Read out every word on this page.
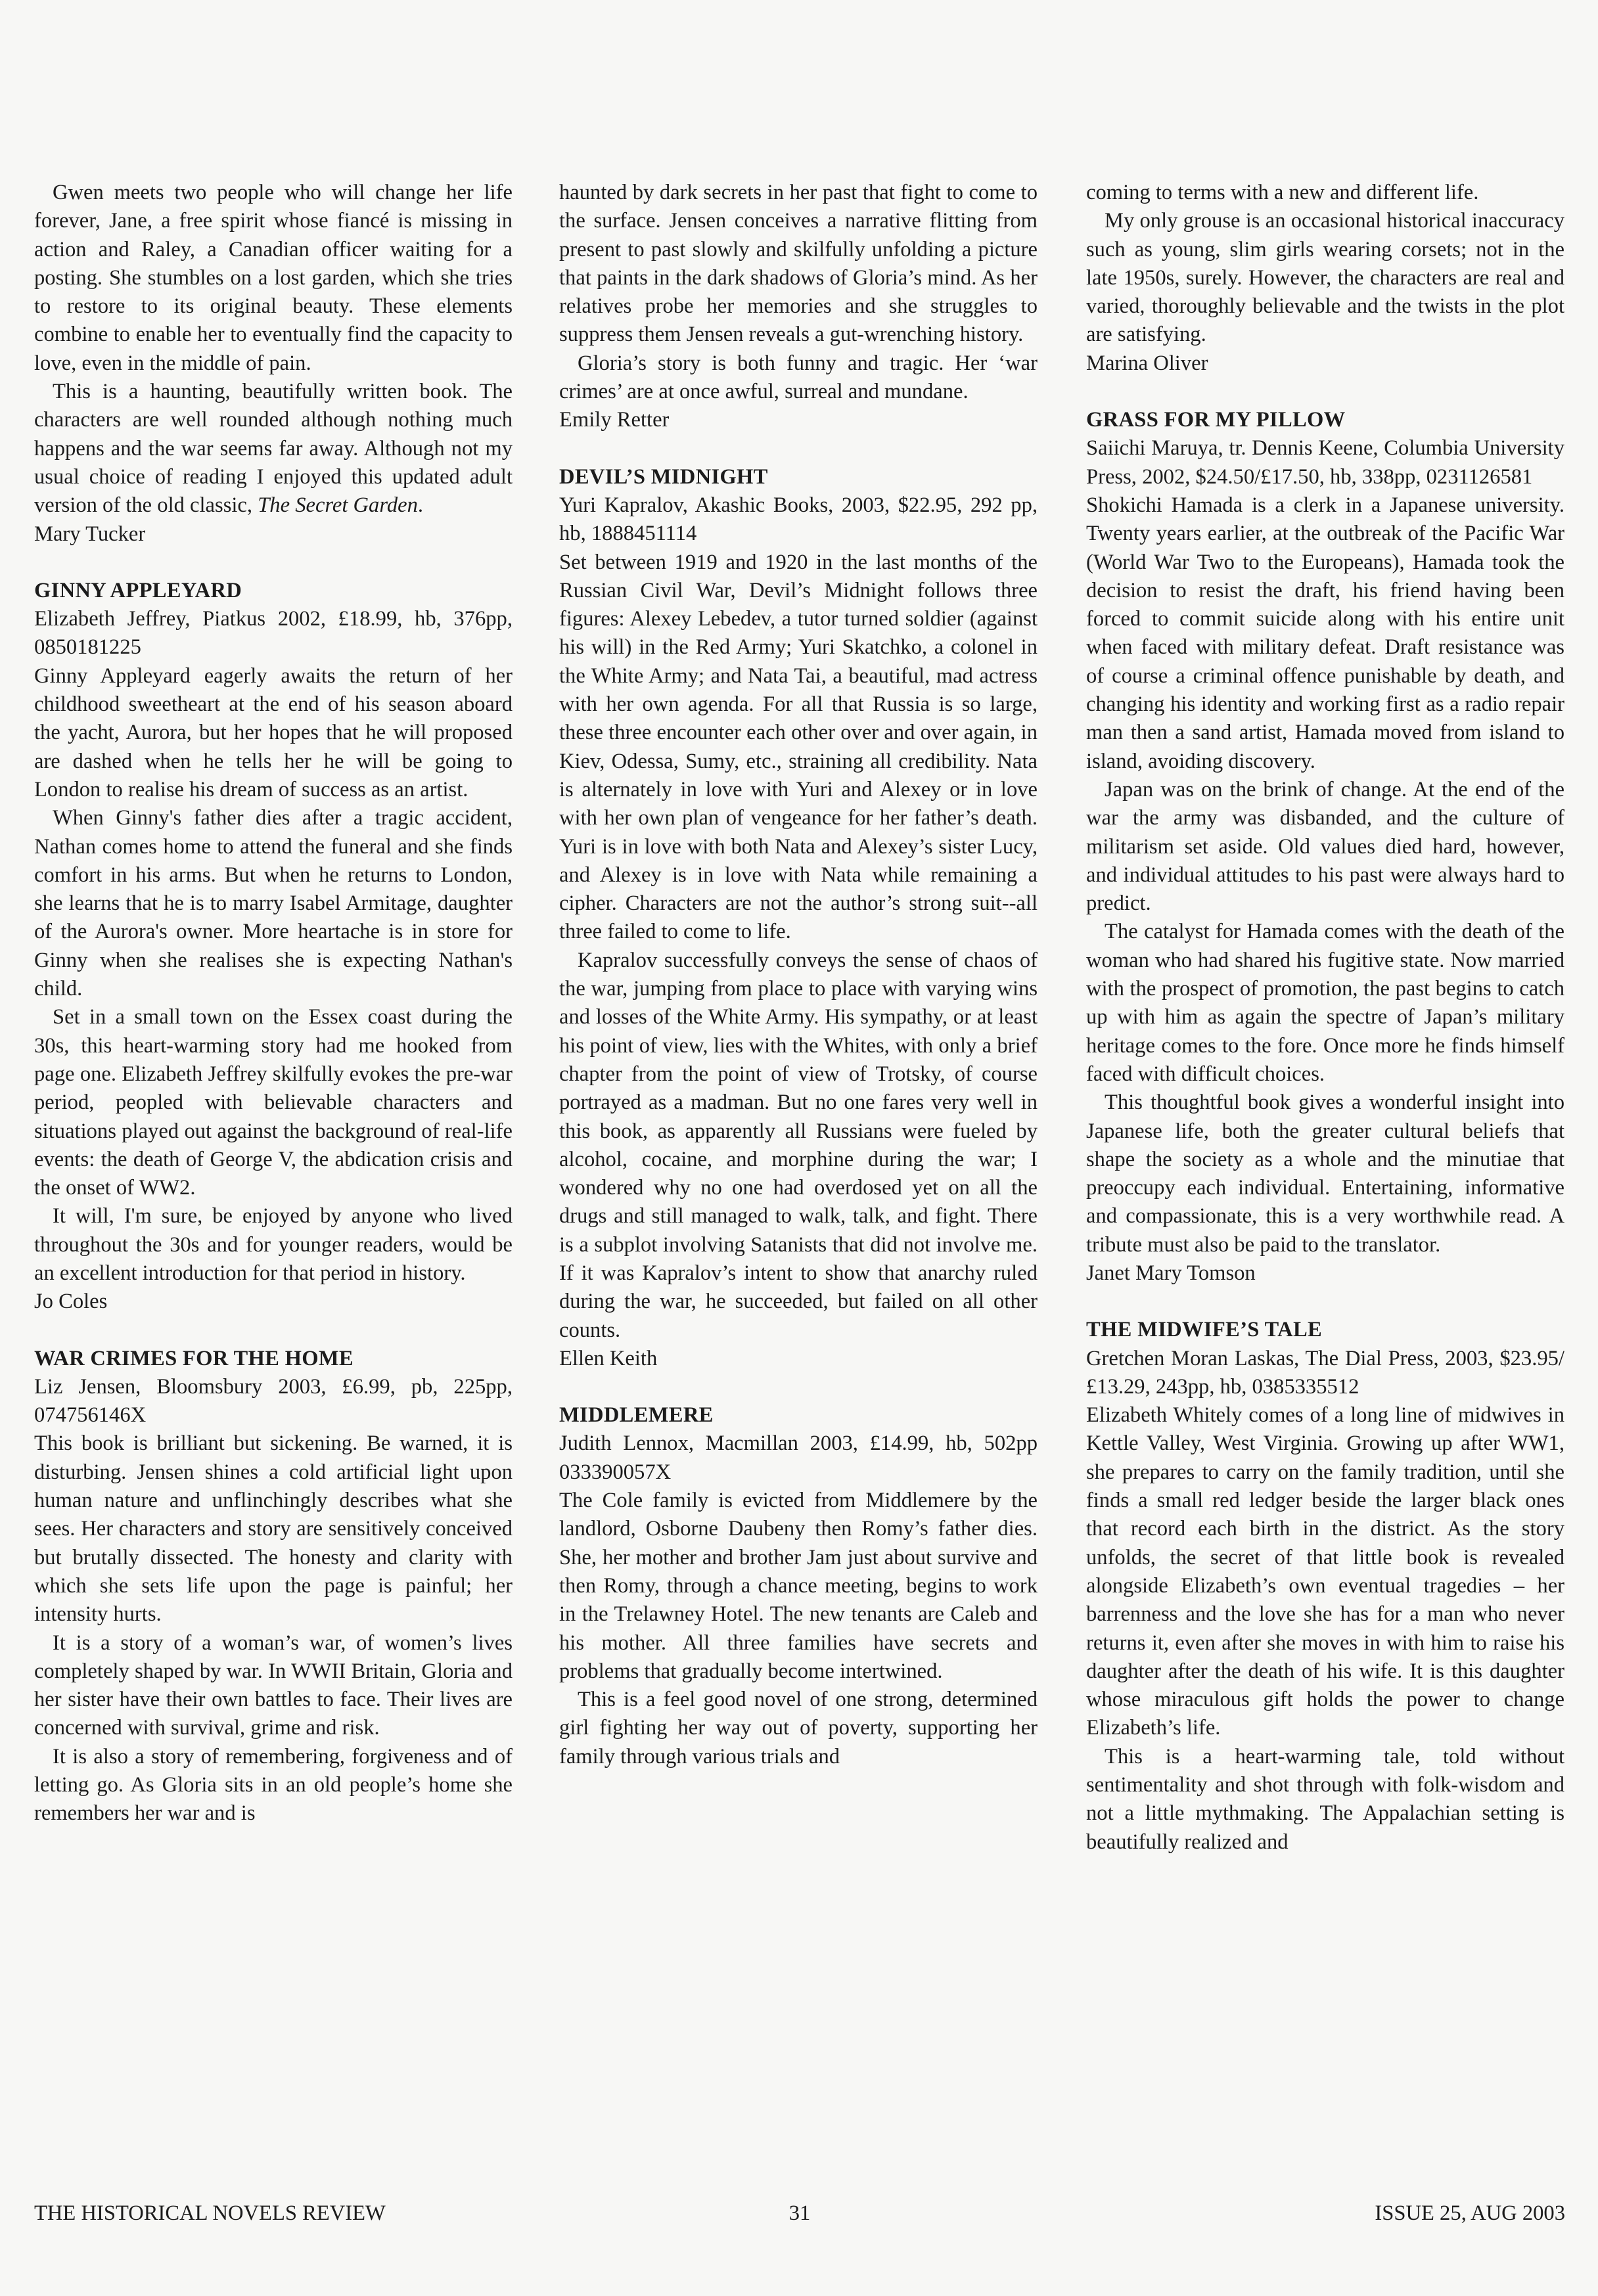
Gwen meets two people who will change her life forever, Jane, a free spirit whose fiancé is missing in action and Raley, a Canadian officer waiting for a posting. She stumbles on a lost garden, which she tries to restore to its original beauty. These elements combine to enable her to eventually find the capacity to love, even in the middle of pain.

This is a haunting, beautifully written book. The characters are well rounded although nothing much happens and the war seems far away. Although not my usual choice of reading I enjoyed this updated adult version of the old classic, The Secret Garden.

Mary Tucker

GINNY APPLEYARD

Elizabeth Jeffrey, Piatkus 2002, £18.99, hb, 376pp, 0850181225

Ginny Appleyard eagerly awaits the return of her childhood sweetheart at the end of his season aboard the yacht, Aurora, but her hopes that he will proposed are dashed when he tells her he will be going to London to realise his dream of success as an artist.

When Ginny's father dies after a tragic accident, Nathan comes home to attend the funeral and she finds comfort in his arms. But when he returns to London, she learns that he is to marry Isabel Armitage, daughter of the Aurora's owner. More heartache is in store for Ginny when she realises she is expecting Nathan's child.

Set in a small town on the Essex coast during the 30s, this heart-warming story had me hooked from page one. Elizabeth Jeffrey skilfully evokes the pre-war period, peopled with believable characters and situations played out against the background of real-life events: the death of George V, the abdication crisis and the onset of WW2.

It will, I'm sure, be enjoyed by anyone who lived throughout the 30s and for younger readers, would be an excellent introduction for that period in history.

Jo Coles

WAR CRIMES FOR THE HOME

Liz Jensen, Bloomsbury 2003, £6.99, pb, 225pp, 074756146X

This book is brilliant but sickening. Be warned, it is disturbing. Jensen shines a cold artificial light upon human nature and unflinchingly describes what she sees. Her characters and story are sensitively conceived but brutally dissected. The honesty and clarity with which she sets life upon the page is painful; her intensity hurts.

It is a story of a woman’s war, of women’s lives completely shaped by war. In WWII Britain, Gloria and her sister have their own battles to face. Their lives are concerned with survival, grime and risk.

It is also a story of remembering, forgiveness and of letting go. As Gloria sits in an old people’s home she remembers her war and is

haunted by dark secrets in her past that fight to come to the surface. Jensen conceives a narrative flitting from present to past slowly and skilfully unfolding a picture that paints in the dark shadows of Gloria’s mind. As her relatives probe her memories and she struggles to suppress them Jensen reveals a gut-wrenching history.

Gloria’s story is both funny and tragic. Her ‘war crimes’ are at once awful, surreal and mundane.

Emily Retter

DEVIL’S MIDNIGHT

Yuri Kapralov, Akashic Books, 2003, $22.95, 292 pp, hb, 1888451114

Set between 1919 and 1920 in the last months of the Russian Civil War, Devil’s Midnight follows three figures: Alexey Lebedev, a tutor turned soldier (against his will) in the Red Army; Yuri Skatchko, a colonel in the White Army; and Nata Tai, a beautiful, mad actress with her own agenda. For all that Russia is so large, these three encounter each other over and over again, in Kiev, Odessa, Sumy, etc., straining all credibility. Nata is alternately in love with Yuri and Alexey or in love with her own plan of vengeance for her father’s death. Yuri is in love with both Nata and Alexey’s sister Lucy, and Alexey is in love with Nata while remaining a cipher. Characters are not the author’s strong suit--all three failed to come to life.

Kapralov successfully conveys the sense of chaos of the war, jumping from place to place with varying wins and losses of the White Army. His sympathy, or at least his point of view, lies with the Whites, with only a brief chapter from the point of view of Trotsky, of course portrayed as a madman. But no one fares very well in this book, as apparently all Russians were fueled by alcohol, cocaine, and morphine during the war; I wondered why no one had overdosed yet on all the drugs and still managed to walk, talk, and fight. There is a subplot involving Satanists that did not involve me. If it was Kapralov’s intent to show that anarchy ruled during the war, he succeeded, but failed on all other counts.

Ellen Keith

MIDDLEMERE

Judith Lennox, Macmillan 2003, £14.99, hb, 502pp 033390057X

The Cole family is evicted from Middlemere by the landlord, Osborne Daubeny then Romy’s father dies. She, her mother and brother Jam just about survive and then Romy, through a chance meeting, begins to work in the Trelawney Hotel. The new tenants are Caleb and his mother. All three families have secrets and problems that gradually become intertwined.

This is a feel good novel of one strong, determined girl fighting her way out of poverty, supporting her family through various trials and

coming to terms with a new and different life.

My only grouse is an occasional historical inaccuracy such as young, slim girls wearing corsets; not in the late 1950s, surely. However, the characters are real and varied, thoroughly believable and the twists in the plot are satisfying.

Marina Oliver

GRASS FOR MY PILLOW

Saiichi Maruya, tr. Dennis Keene, Columbia University Press, 2002, $24.50/£17.50, hb, 338pp, 0231126581

Shokichi Hamada is a clerk in a Japanese university. Twenty years earlier, at the outbreak of the Pacific War (World War Two to the Europeans), Hamada took the decision to resist the draft, his friend having been forced to commit suicide along with his entire unit when faced with military defeat. Draft resistance was of course a criminal offence punishable by death, and changing his identity and working first as a radio repair man then a sand artist, Hamada moved from island to island, avoiding discovery.

Japan was on the brink of change. At the end of the war the army was disbanded, and the culture of militarism set aside. Old values died hard, however, and individual attitudes to his past were always hard to predict.

The catalyst for Hamada comes with the death of the woman who had shared his fugitive state. Now married with the prospect of promotion, the past begins to catch up with him as again the spectre of Japan’s military heritage comes to the fore. Once more he finds himself faced with difficult choices.

This thoughtful book gives a wonderful insight into Japanese life, both the greater cultural beliefs that shape the society as a whole and the minutiae that preoccupy each individual. Entertaining, informative and compassionate, this is a very worthwhile read. A tribute must also be paid to the translator.

Janet Mary Tomson

THE MIDWIFE’S TALE

Gretchen Moran Laskas, The Dial Press, 2003, $23.95/£13.29, 243pp, hb, 0385335512

Elizabeth Whitely comes of a long line of midwives in Kettle Valley, West Virginia. Growing up after WW1, she prepares to carry on the family tradition, until she finds a small red ledger beside the larger black ones that record each birth in the district. As the story unfolds, the secret of that little book is revealed alongside Elizabeth’s own eventual tragedies – her barrenness and the love she has for a man who never returns it, even after she moves in with him to raise his daughter after the death of his wife. It is this daughter whose miraculous gift holds the power to change Elizabeth’s life.

This is a heart-warming tale, told without sentimentality and shot through with folk-wisdom and not a little mythmaking. The Appalachian setting is beautifully realized and

THE HISTORICAL NOVELS REVIEW	31	ISSUE 25, AUG 2003
